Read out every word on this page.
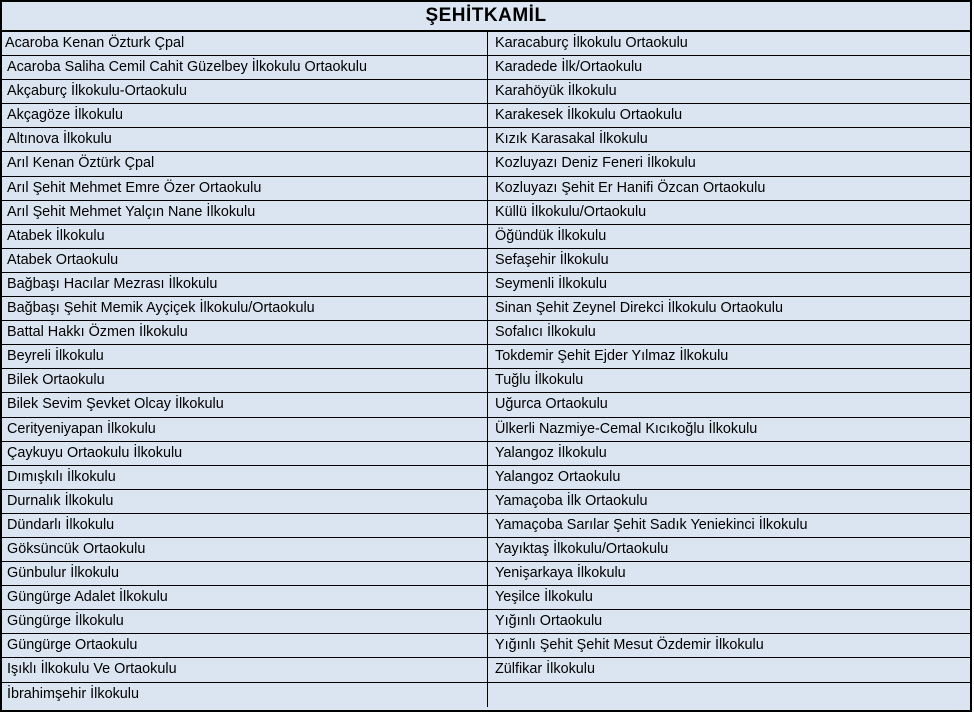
ŞEHİTKAMİL
Acaroba Kenan Özturk Çpal
Acaroba Saliha Cemil Cahit Güzelbey İlkokulu Ortaokulu
Akçaburç İlkokulu-Ortaokulu
Akçagöze İlkokulu
Altınova İlkokulu
Arıl Kenan Öztürk Çpal
Arıl Şehit Mehmet Emre Özer Ortaokulu
Arıl Şehit Mehmet Yalçın Nane İlkokulu
Atabek İlkokulu
Atabek Ortaokulu
Bağbaşı Hacılar Mezrası İlkokulu
Bağbaşı Şehit Memik Ayçiçek İlkokulu/Ortaokulu
Battal Hakkı Özmen İlkokulu
Beyreli İlkokulu
Bilek Ortaokulu
Bilek Sevim Şevket Olcay İlkokulu
Cerityeniyapan İlkokulu
Çaykuyu Ortaokulu İlkokulu
Dımışkılı İlkokulu
Durnalık İlkokulu
Dündarlı İlkokulu
Göksüncük Ortaokulu
Günbulur İlkokulu
Güngürge Adalet İlkokulu
Güngürge İlkokulu
Güngürge Ortaokulu
Işıklı İlkokulu Ve Ortaokulu
İbrahimşehir İlkokulu
Karacaburç İlkokulu Ortaokulu
Karadede İlk/Ortaokulu
Karahöyük İlkokulu
Karakesek İlkokulu Ortaokulu
Kızık Karasakal İlkokulu
Kozluyazı Deniz Feneri İlkokulu
Kozluyazı Şehit Er Hanifi Özcan Ortaokulu
Küllü İlkokulu/Ortaokulu
Öğündük İlkokulu
Sefaşehir İlkokulu
Seymenli İlkokulu
Sinan Şehit Zeynel Direkci İlkokulu Ortaokulu
Sofalıcı İlkokulu
Tokdemir Şehit Ejder Yılmaz İlkokulu
Tuğlu İlkokulu
Uğurca Ortaokulu
Ülkerli Nazmiye-Cemal Kıcıkoğlu İlkokulu
Yalangoz İlkokulu
Yalangoz Ortaokulu
Yamaçoba İlk Ortaokulu
Yamaçoba Sarılar Şehit Sadık Yeniekinci İlkokulu
Yayıktaş İlkokulu/Ortaokulu
Yenişarkaya İlkokulu
Yeşilce İlkokulu
Yığınlı Ortaokulu
Yığınlı Şehit Şehit Mesut Özdemir İlkokulu
Zülfikar İlkokulu
